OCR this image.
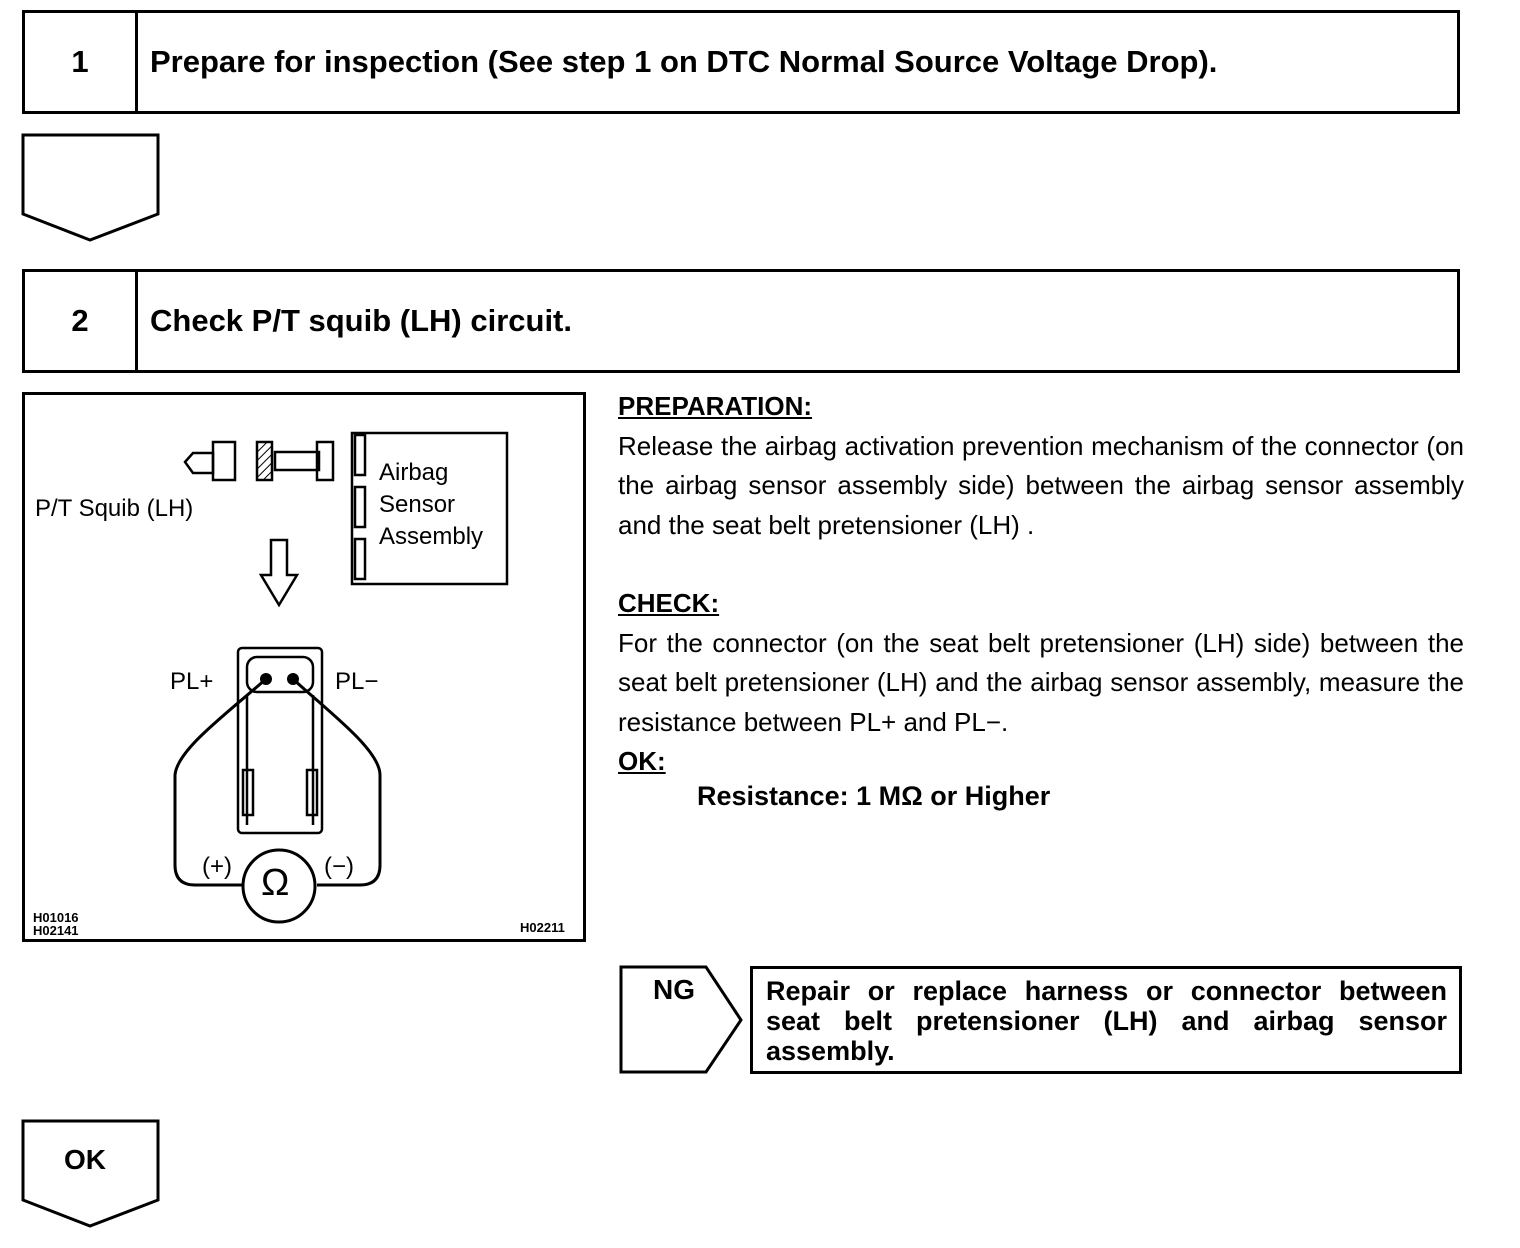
1	Prepare for inspection (See step 1 on DTC Normal Source Voltage Drop).
2	Check P/T squib (LH) circuit.
P/T Squib (LH)
Airbag
Sensor
Assembly
PL+	PL−
(+)	(−)
Ω
H01016
H02141	H02211
PREPARATION:
Release the airbag activation prevention mechanism of the connector (on the airbag sensor assembly side) between the airbag sensor assembly and the seat belt pretensioner (LH) .
CHECK:
For the connector (on the seat belt pretensioner (LH) side) between the seat belt pretensioner (LH) and the airbag sensor assembly, measure the resistance between PL+ and PL−.
OK:
Resistance: 1 MΩ or Higher
NG	Repair or replace harness or connector between seat belt pretensioner (LH) and airbag sensor assembly.
OK
